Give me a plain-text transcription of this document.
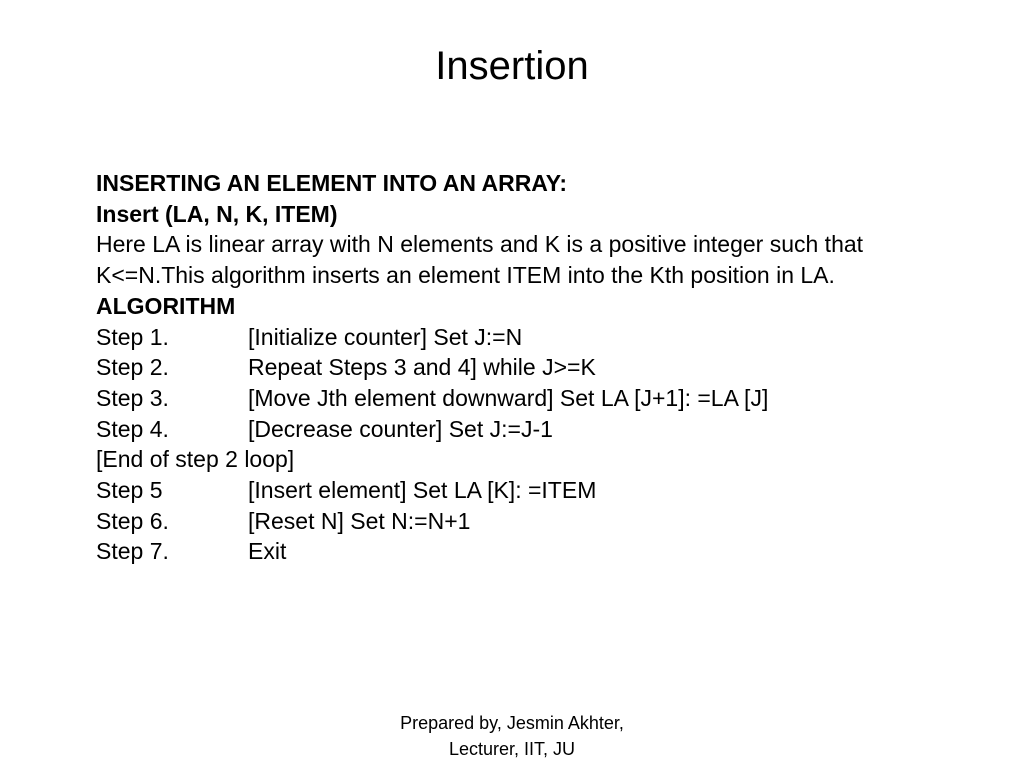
Insertion
INSERTING AN ELEMENT INTO AN ARRAY:
Insert (LA, N, K, ITEM)
Here LA is linear array with N elements and K is a positive integer such that
K<=N.This algorithm inserts an element ITEM into the Kth position in LA.
ALGORITHM
Step 1.	[Initialize counter] Set J:=N
Step 2.	Repeat Steps 3 and 4] while J>=K
Step 3.	[Move Jth element downward] Set LA [J+1]: =LA [J]
Step 4.	[Decrease counter] Set J:=J-1
[End of step 2 loop]
Step 5	[Insert element] Set LA [K]: =ITEM
Step 6.	[Reset N] Set N:=N+1
Step 7.	Exit
Prepared by, Jesmin Akhter,
Lecturer, IIT, JU
